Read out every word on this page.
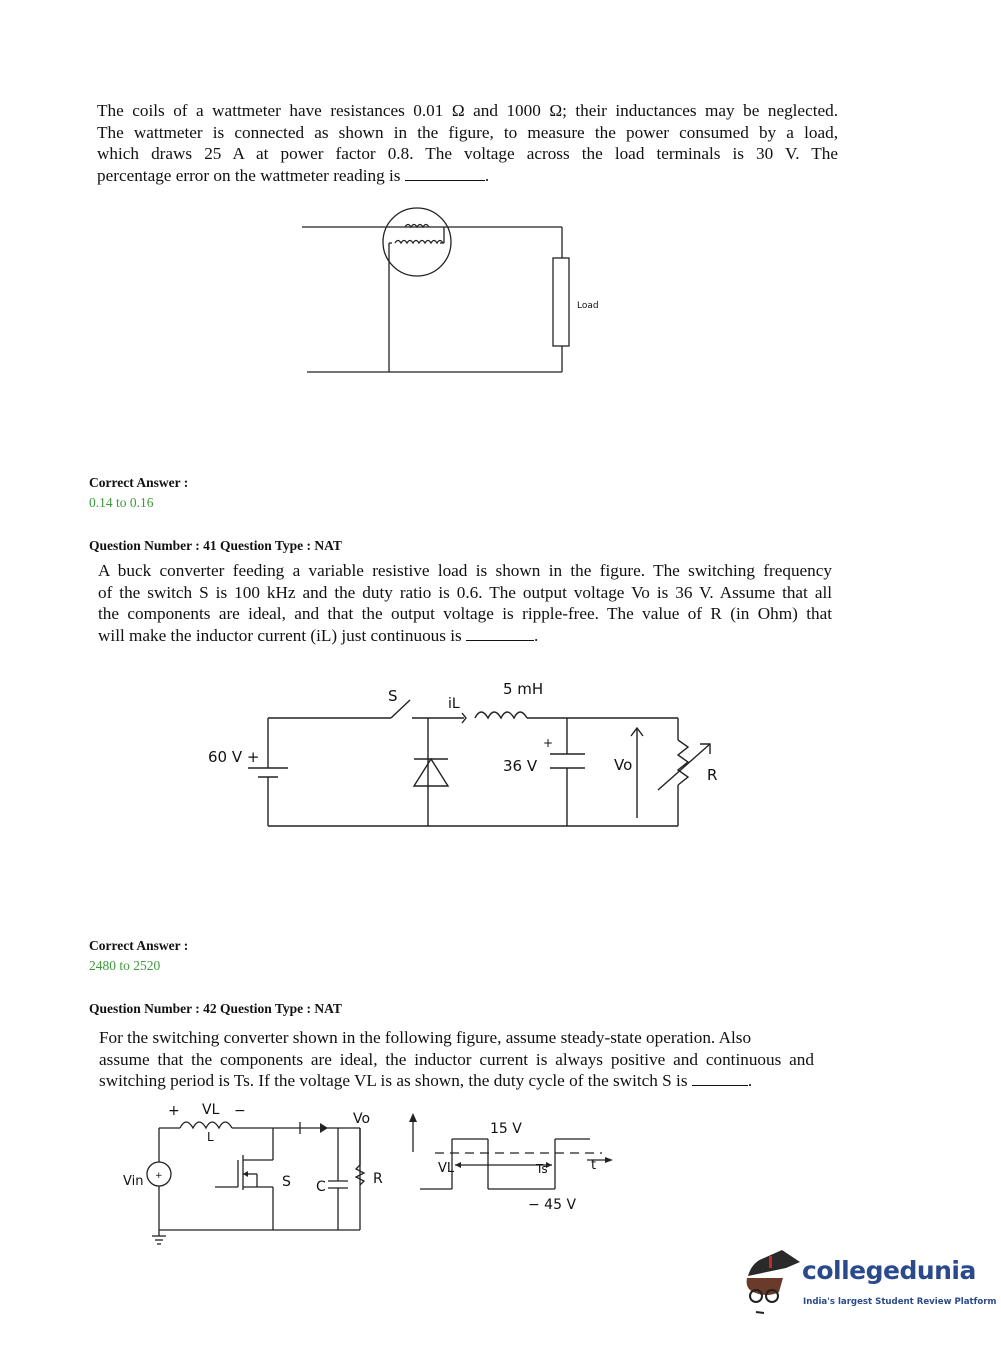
The coils of a wattmeter have resistances 0.01 Ω and 1000 Ω; their inductances may be neglected.
The wattmeter is connected as shown in the figure, to measure the power consumed by a load,
which draws 25 A at power factor 0.8. The voltage across the load terminals is 30 V. The
percentage error on the wattmeter reading is	.
Load
Correct Answer :
0.14 to 0.16
Question Number : 41 Question Type : NAT
A buck converter feeding a variable resistive load is shown in the figure. The switching frequency
of the switch S is 100 kHz and the duty ratio is 0.6. The output voltage Vo is 36 V. Assume that all
the components are ideal, and that the output voltage is ripple-free. The value of R (in Ohm) that
will make the inductor current (iL) just continuous is	.
60 V +
S	iL
5 mH
+
36 V	Vo
R
Correct Answer :
2480 to 2520
Question Number : 42 Question Type : NAT
For the switching converter shown in the following figure, assume steady-state operation. Also
assume that the components are ideal, the inductor current is always positive and continuous and
switching period is Ts. If the voltage VL is as shown, the duty cycle of the switch S is	.
+ VL −
L
Vo
Vin +	S C	R
VL
15 V
− 45 V
Ts	t
collegedunia
India's largest Student Review Platform
